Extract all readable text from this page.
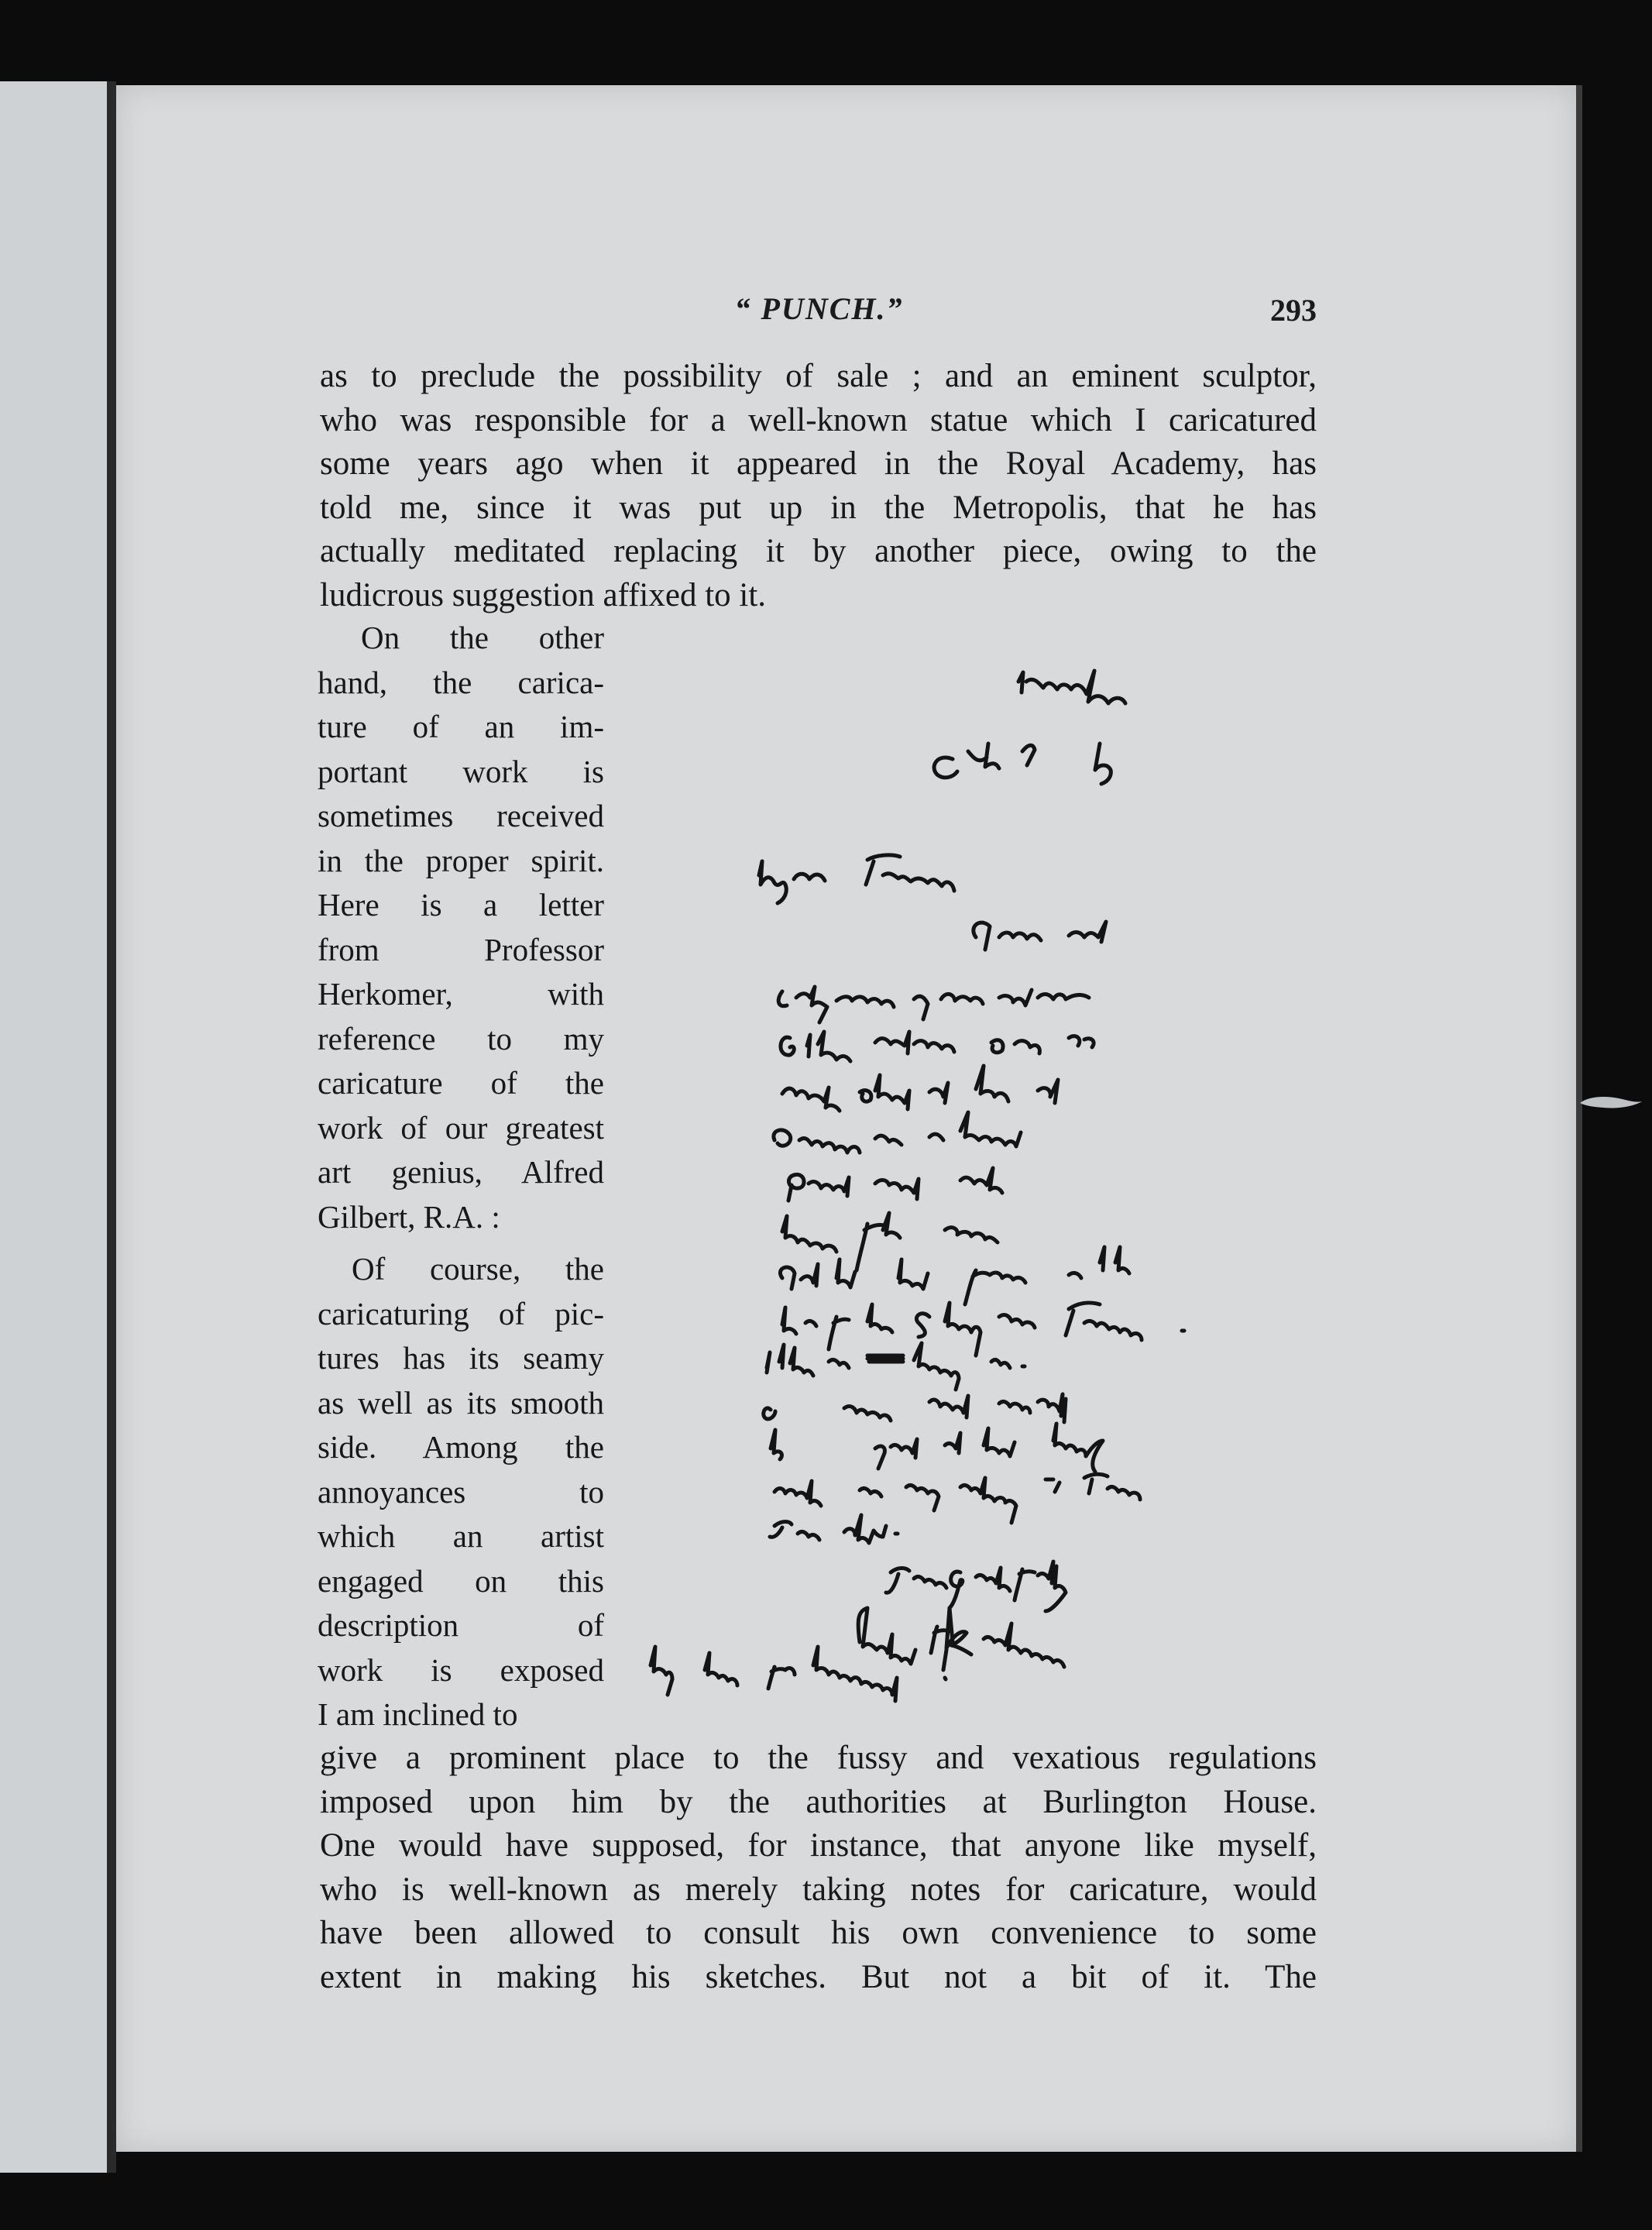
“ PUNCH.”	293

as to preclude the possibility of sale ; and an eminent sculptor,

who was responsible for a well-known statue which I caricatured

some years ago when it appeared in the Royal Academy, has

told me, since it was put up in the Metropolis, that he has

actually meditated replacing it by another piece, owing to the

ludicrous suggestion affixed to it.

On the other

hand, the carica-

ture of an im-

portant work is

sometimes received

in the proper spirit.

Here is a letter

from Professor

Herkomer, with

reference to my

caricature of the

work of our greatest

art genius, Alfred

Gilbert, R.A. :

Of course, the

caricaturing of pic-

tures has its seamy

as well as its smooth

side. Among the

annoyances to

which an artist

engaged on this

description of

work is exposed

I am inclined to

give a prominent place to the fussy and vexatious regulations

imposed upon him by the authorities at Burlington House.

One would have supposed, for instance, that anyone like myself,

who is well-known as merely taking notes for caricature, would

have been allowed to consult his own convenience to some

extent in making his sketches. But not a bit of it. The
